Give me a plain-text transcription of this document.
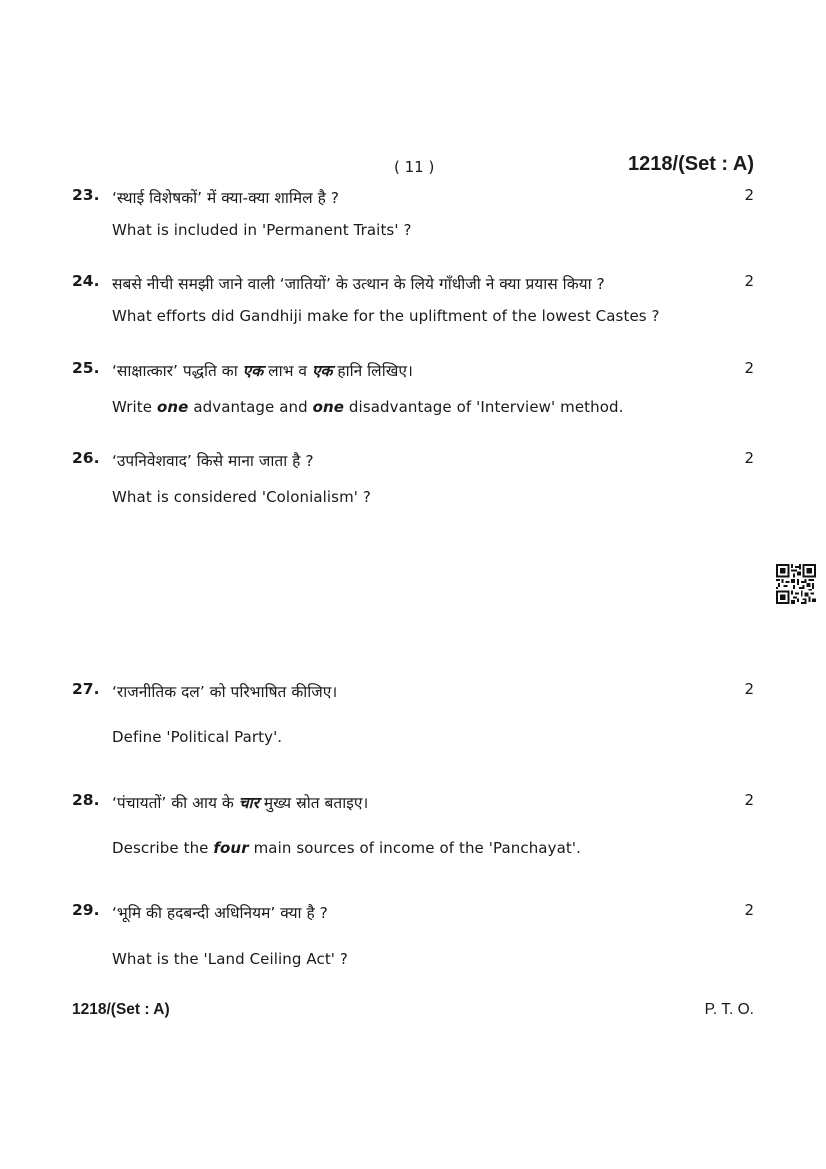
( 11 )	1218/(Set : A)
23. ‘स्थाई विशेषकों’ में क्या-क्या शामिल है ?	2
What is included in 'Permanent Traits' ?
24. सबसे नीची समझी जाने वाली ‘जातियों’ के उत्थान के लिये गाँधीजी ने क्या प्रयास किया ?	2
What efforts did Gandhiji make for the upliftment of the lowest Castes ?
25. ‘साक्षात्कार’ पद्धति का एक लाभ व एक हानि लिखिए।	2
Write one advantage and one disadvantage of 'Interview' method.
26. ‘उपनिवेशवाद’ किसे माना जाता है ?	2
What is considered 'Colonialism' ?
27. ‘राजनीतिक दल’ को परिभाषित कीजिए।	2
Define 'Political Party'.
28. ‘पंचायतों’ की आय के चार मुख्य स्रोत बताइए।	2
Describe the four main sources of income of the 'Panchayat'.
29. ‘भूमि की हदबन्दी अधिनियम’ क्या है ?	2
What is the 'Land Ceiling Act' ?
1218/(Set : A)	P. T. O.
